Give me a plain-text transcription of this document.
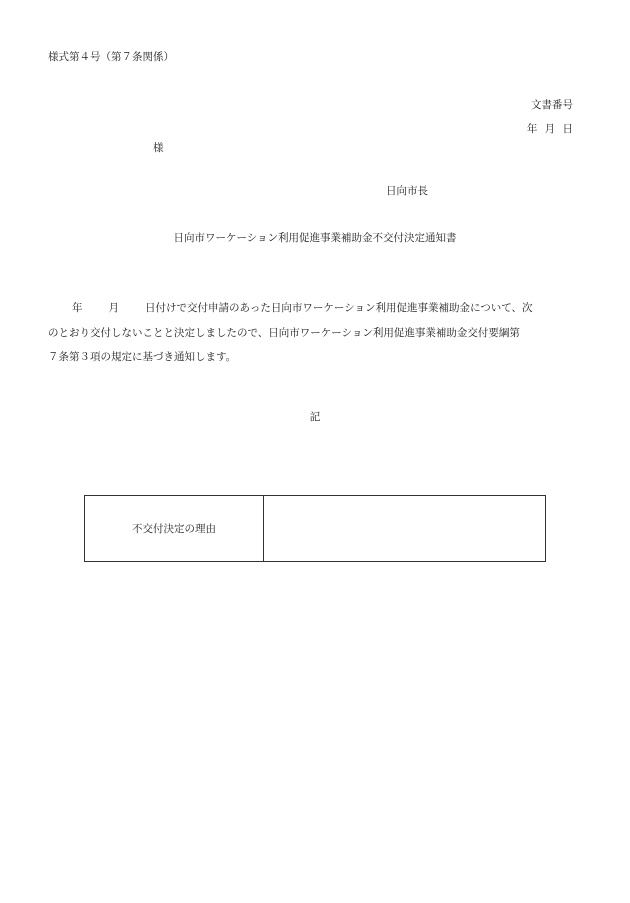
様式第４号（第７条関係）
文書番号
年 月 日
様
日向市長
日向市ワーケーション利用促進事業補助金不交付決定通知書
年 月 日付けで交付申請のあった日向市ワーケーション利用促進事業補助金について、次
のとおり交付しないことと決定しましたので、日向市ワーケーション利用促進事業補助金交付要綱第
７条第３項の規定に基づき通知します。
記
不交付決定の理由	
